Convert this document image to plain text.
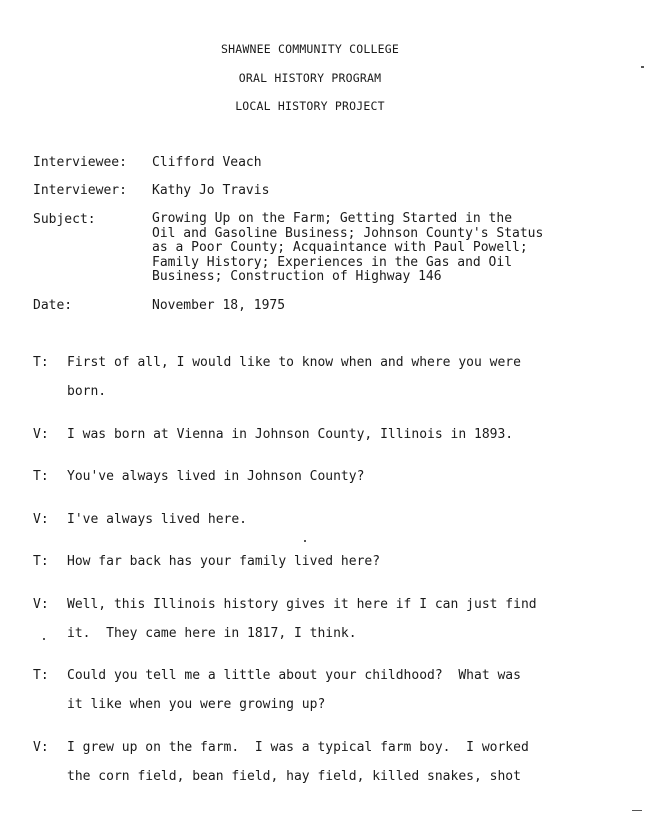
SHAWNEE COMMUNITY COLLEGE
ORAL HISTORY PROGRAM
LOCAL HISTORY PROJECT
Interviewee: Clifford Veach
Interviewer: Kathy Jo Travis
Subject:	Growing Up on the Farm; Getting Started in the
Oil and Gasoline Business; Johnson County's Status
as a Poor County; Acquaintance with Paul Powell;
Family History; Experiences in the Gas and Oil
Business; Construction of Highway 146
Date:	November 18, 1975
T: First of all, I would like to know when and where you were
born.
V: I was born at Vienna in Johnson County, Illinois in 1893.
T: You've always lived in Johnson County?
V: I've always lived here.
T: How far back has your family lived here?
V: Well, this Illinois history gives it here if I can just find
it.  They came here in 1817, I think.
T: Could you tell me a little about your childhood?  What was
it like when you were growing up?
V: I grew up on the farm.  I was a typical farm boy.  I worked
the corn field, bean field, hay field, killed snakes, shot
